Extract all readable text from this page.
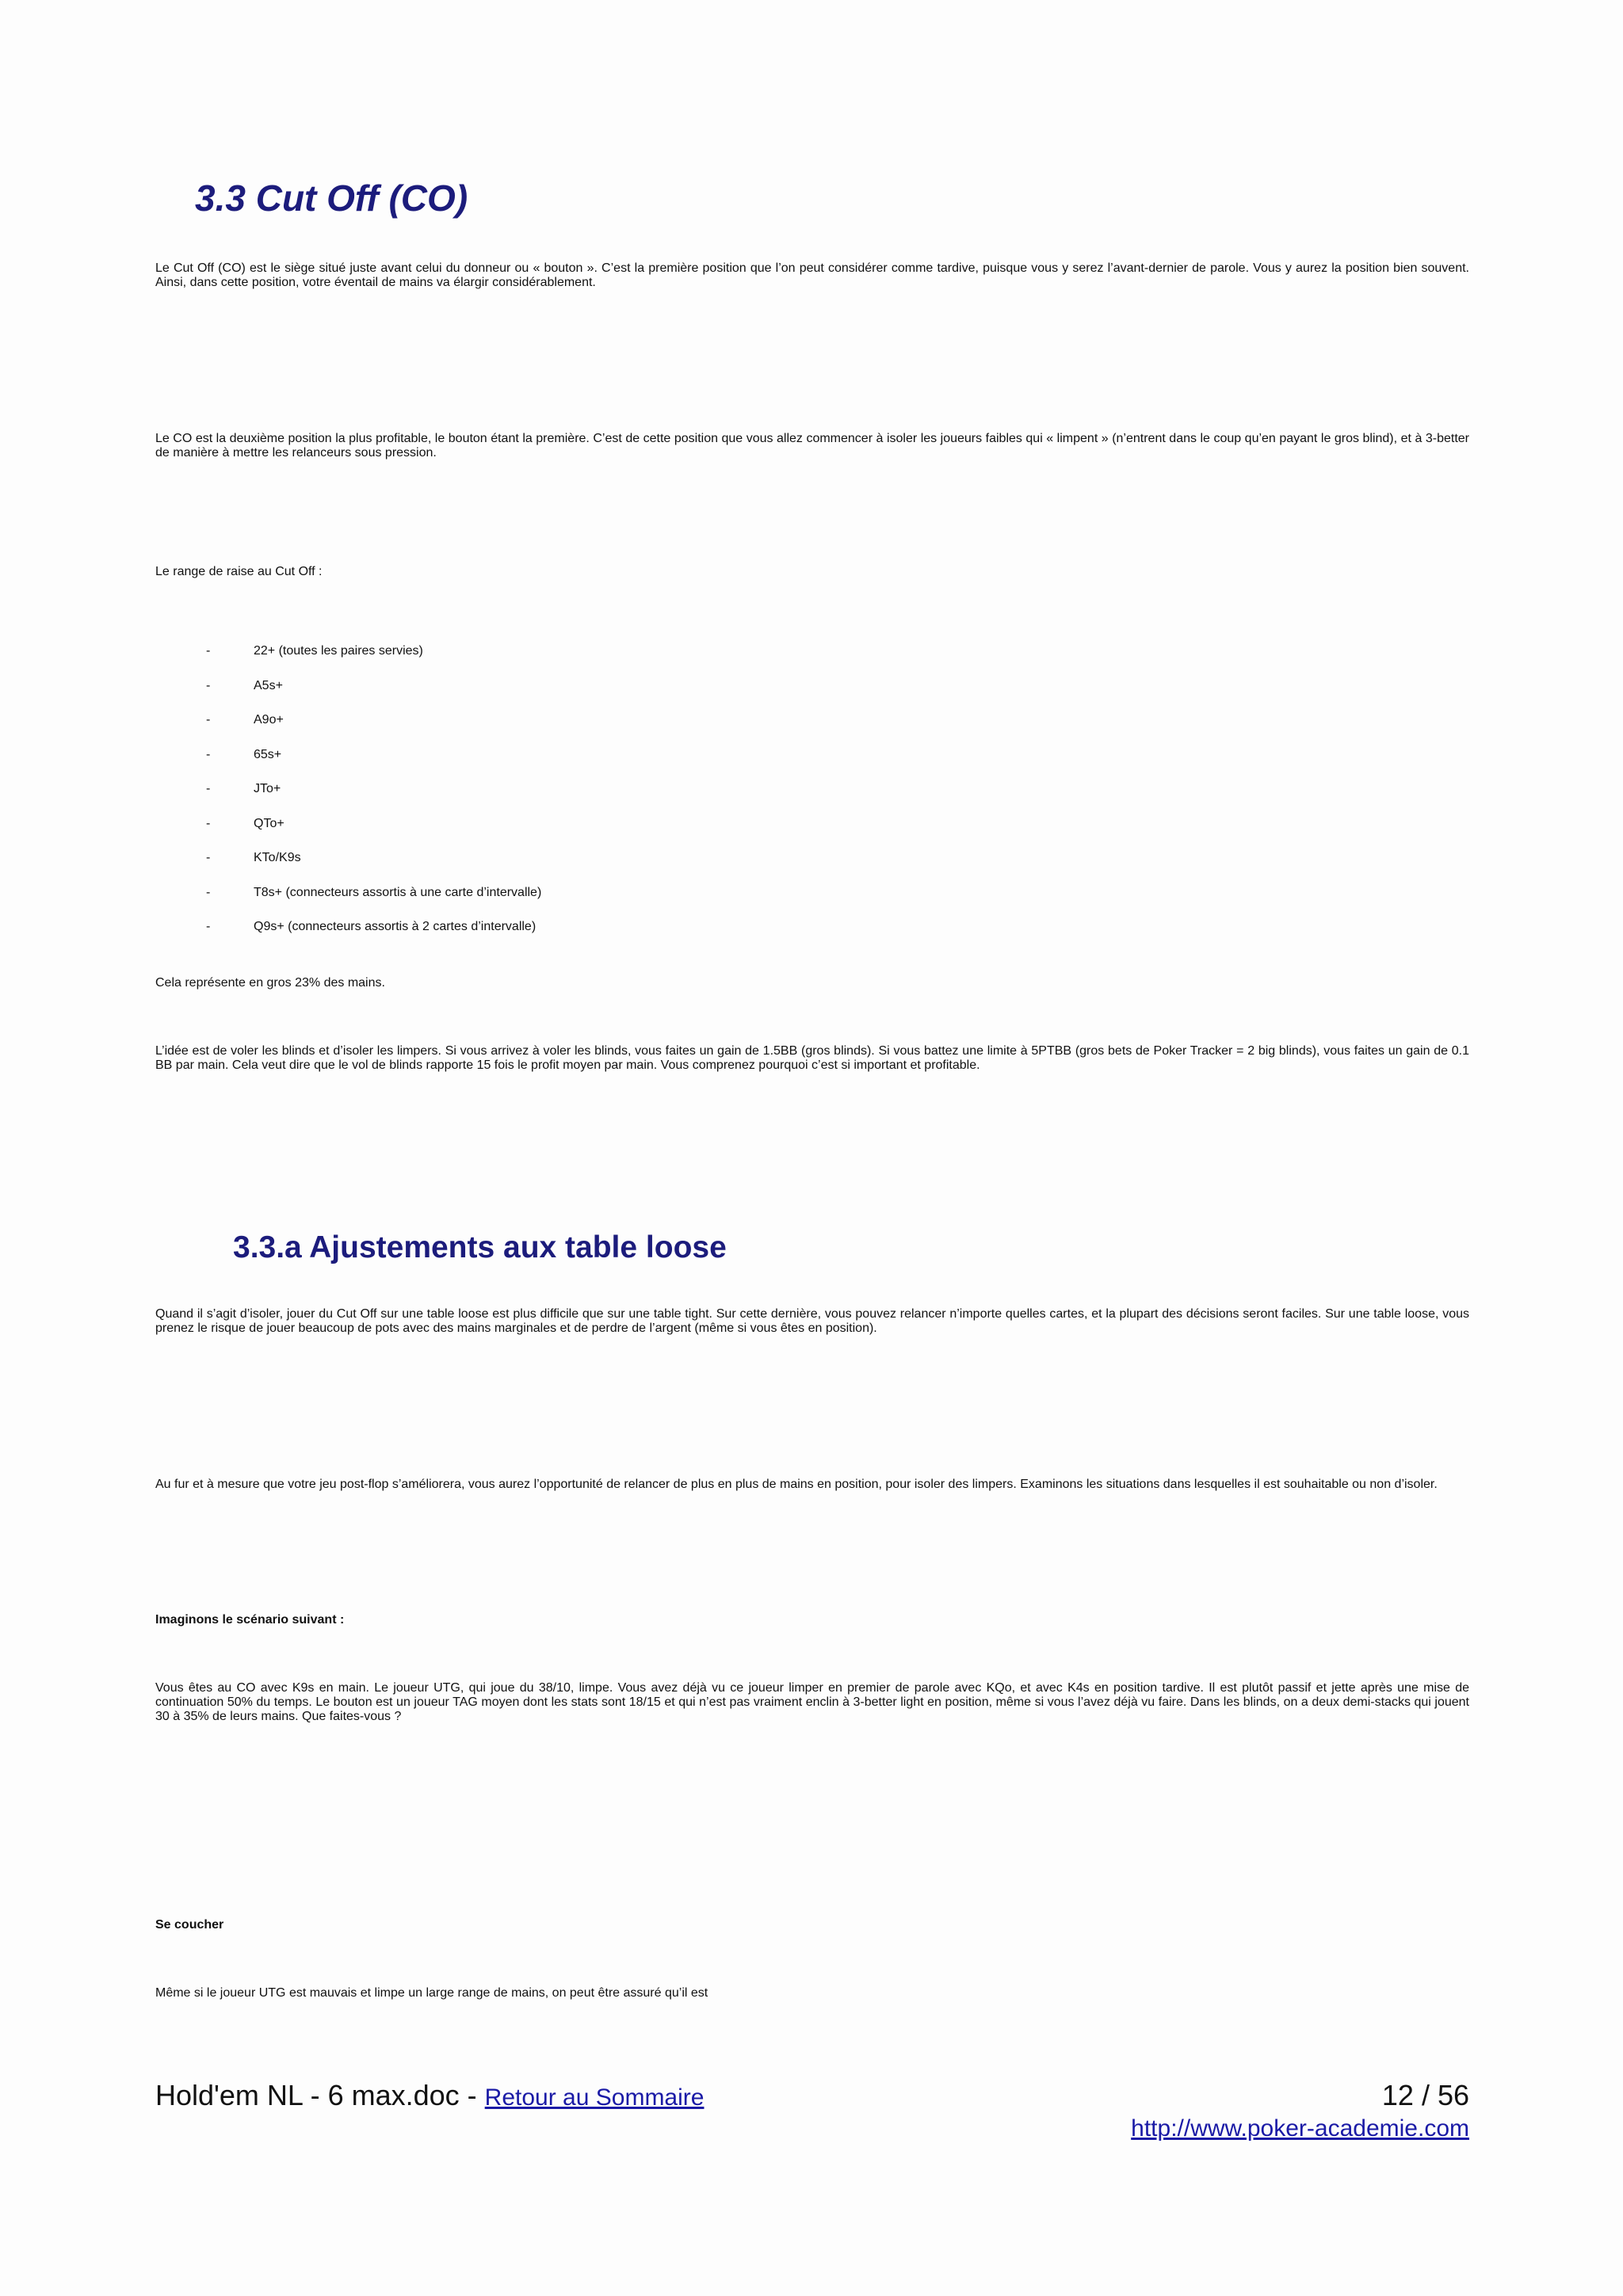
3.3 Cut Off (CO)

Le Cut Off (CO) est le siège situé juste avant celui du donneur ou « bouton ». C’est la première position que l’on peut considérer comme tardive, puisque vous y serez l’avant-dernier de parole. Vous y aurez la position bien souvent. Ainsi, dans cette position, votre éventail de mains va élargir considérablement.

Le CO est la deuxième position la plus profitable, le bouton étant la première. C’est de cette position que vous allez commencer à isoler les joueurs faibles qui « limpent » (n’entrent dans le coup qu’en payant le gros blind), et à 3-better de manière à mettre les relanceurs sous pression.

Le range de raise au Cut Off :

-	22+ (toutes les paires servies)
-	A5s+
-	A9o+
-	65s+
-	JTo+
-	QTo+
-	KTo/K9s
-	T8s+ (connecteurs assortis à une carte d’intervalle)
-	Q9s+ (connecteurs assortis à 2 cartes d’intervalle)

Cela représente en gros 23% des mains.

L’idée est de voler les blinds et d’isoler les limpers. Si vous arrivez à voler les blinds, vous faites un gain de 1.5BB (gros blinds). Si vous battez une limite à 5PTBB (gros bets de Poker Tracker = 2 big blinds), vous faites un gain de 0.1 BB par main. Cela veut dire que le vol de blinds rapporte 15 fois le profit moyen par main. Vous comprenez pourquoi c’est si important et profitable.

3.3.a Ajustements aux table loose

Quand il s’agit d’isoler, jouer du Cut Off sur une table loose est plus difficile que sur une table tight. Sur cette dernière, vous pouvez relancer n’importe quelles cartes, et la plupart des décisions seront faciles. Sur une table loose, vous prenez le risque de jouer beaucoup de pots avec des mains marginales et de perdre de l’argent (même si vous êtes en position).

Au fur et à mesure que votre jeu post-flop s’améliorera, vous aurez l’opportunité de relancer de plus en plus de mains en position, pour isoler des limpers. Examinons les situations dans lesquelles il est souhaitable ou non d’isoler.

Imaginons le scénario suivant :

Vous êtes au CO avec K9s en main. Le joueur UTG, qui joue du 38/10, limpe. Vous avez déjà vu ce joueur limper en premier de parole avec KQo, et avec K4s en position tardive. Il est plutôt passif et jette après une mise de continuation 50% du temps. Le bouton est un joueur TAG moyen dont les stats sont 18/15 et qui n’est pas vraiment enclin à 3-better light en position, même si vous l’avez déjà vu faire. Dans les blinds, on a deux demi-stacks qui jouent 30 à 35% de leurs mains. Que faites-vous ?

Se coucher

Même si le joueur UTG est mauvais et limpe un large range de mains, on peut être assuré qu’il est

Hold'em NL - 6 max.doc - Retour au Sommaire	12 / 56
http://www.poker-academie.com
